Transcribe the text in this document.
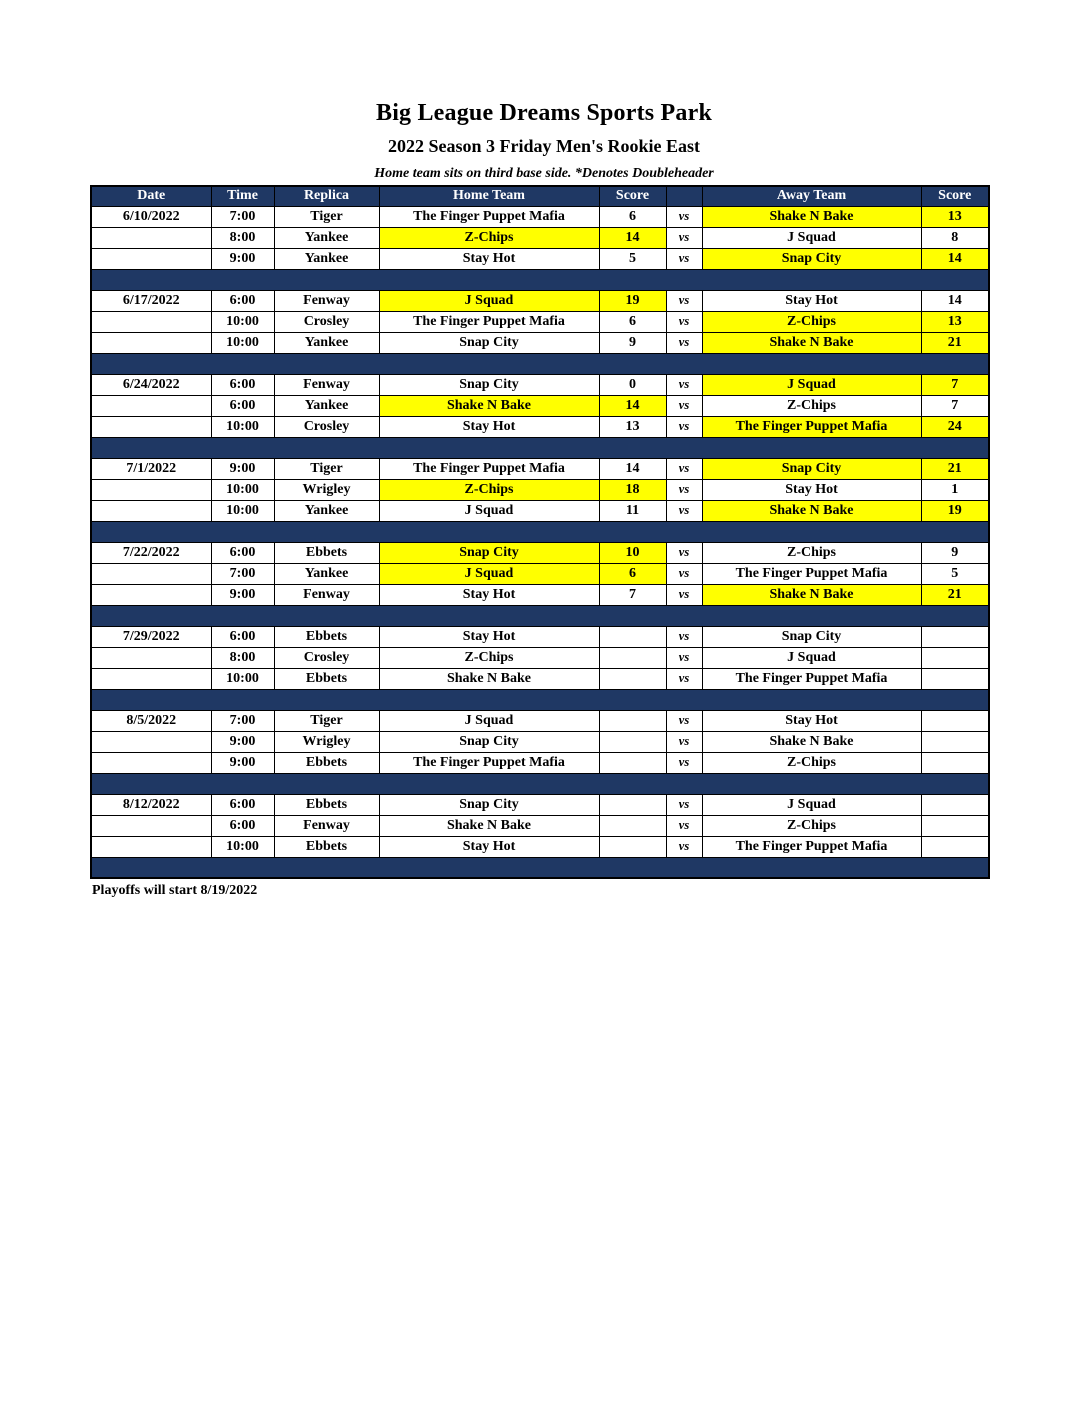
Big League Dreams Sports Park
2022 Season 3 Friday Men's Rookie East

Home team sits on third base side. *Denotes Doubleheader

Date	Time	Replica	Home Team	Score		Away Team	Score
6/10/2022	7:00	Tiger	The Finger Puppet Mafia	6	vs	Shake N Bake	13
	8:00	Yankee	Z-Chips	14	vs	J Squad	8
	9:00	Yankee	Stay Hot	5	vs	Snap City	14

6/17/2022	6:00	Fenway	J Squad	19	vs	Stay Hot	14
	10:00	Crosley	The Finger Puppet Mafia	6	vs	Z-Chips	13
	10:00	Yankee	Snap City	9	vs	Shake N Bake	21

6/24/2022	6:00	Fenway	Snap City	0	vs	J Squad	7
	6:00	Yankee	Shake N Bake	14	vs	Z-Chips	7
	10:00	Crosley	Stay Hot	13	vs	The Finger Puppet Mafia	24

7/1/2022	9:00	Tiger	The Finger Puppet Mafia	14	vs	Snap City	21
	10:00	Wrigley	Z-Chips	18	vs	Stay Hot	1
	10:00	Yankee	J Squad	11	vs	Shake N Bake	19

7/22/2022	6:00	Ebbets	Snap City	10	vs	Z-Chips	9
	7:00	Yankee	J Squad	6	vs	The Finger Puppet Mafia	5
	9:00	Fenway	Stay Hot	7	vs	Shake N Bake	21

7/29/2022	6:00	Ebbets	Stay Hot		vs	Snap City	
	8:00	Crosley	Z-Chips		vs	J Squad	
	10:00	Ebbets	Shake N Bake		vs	The Finger Puppet Mafia	

8/5/2022	7:00	Tiger	J Squad		vs	Stay Hot	
	9:00	Wrigley	Snap City		vs	Shake N Bake	
	9:00	Ebbets	The Finger Puppet Mafia		vs	Z-Chips	

8/12/2022	6:00	Ebbets	Snap City		vs	J Squad	
	6:00	Fenway	Shake N Bake		vs	Z-Chips	
	10:00	Ebbets	Stay Hot		vs	The Finger Puppet Mafia	

Playoffs will start 8/19/2022
